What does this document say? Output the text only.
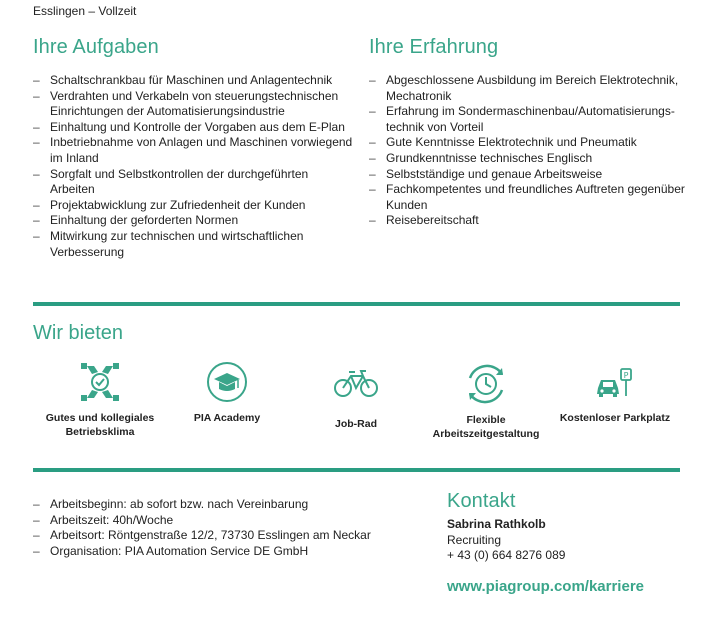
Esslingen – Vollzeit
Ihre Aufgaben
– Schaltschrankbau für Maschinen und Anlagentechnik
– Verdrahten und Verkabeln von steuerungstechnischen Einrichtungen der Automatisierungsindustrie
– Einhaltung und Kontrolle der Vorgaben aus dem E-Plan
– Inbetriebnahme von Anlagen und Maschinen vorwiegend im Inland
– Sorgfalt und Selbstkontrollen der durchgeführten Arbeiten
– Projektabwicklung zur Zufriedenheit der Kunden
– Einhaltung der geforderten Normen
– Mitwirkung zur technischen und wirtschaftlichen Verbesserung
Ihre Erfahrung
– Abgeschlossene Ausbildung im Bereich Elektrotechnik, Mechatronik
– Erfahrung im Sondermaschinenbau/Automatisierungs-technik von Vorteil
– Gute Kenntnisse Elektrotechnik und Pneumatik
– Grundkenntnisse technisches Englisch
– Selbstständige und genaue Arbeitsweise
– Fachkompetentes und freundliches Auftreten gegenüber Kunden
– Reisebereitschaft
Wir bieten
Gutes und kollegiales Betriebsklima
PIA Academy	Job-Rad	Flexible Arbeitszeitgestaltung
P
Kostenloser Parkplatz
– Arbeitsbeginn: ab sofort bzw. nach Vereinbarung
– Arbeitszeit: 40h/Woche
– Arbeitsort: Röntgenstraße 12/2, 73730 Esslingen am Neckar
– Organisation: PIA Automation Service DE GmbH
Kontakt
Sabrina Rathkolb
Recruiting
+ 43 (0) 664 8276 089
www.piagroup.com/karriere
